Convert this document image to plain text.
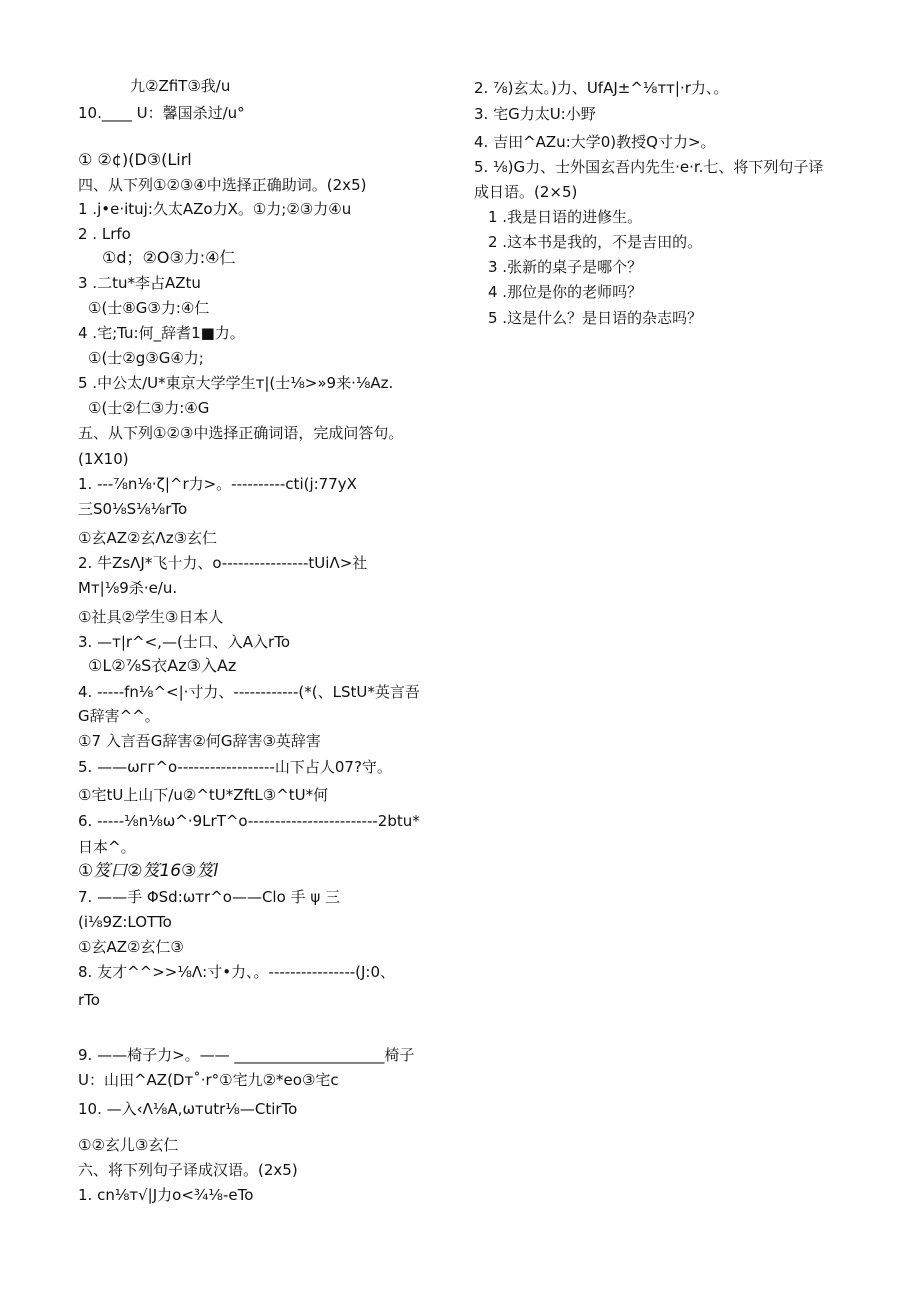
九②ZfiT③我/u
10.____ U：馨国杀过/u°
① ②¢)(D③(Lirl
四、从下列①②③④中选择正确助词。(2x5)
1 .j•e·ituj:久太AZo力X。①力;②③力④u
2 . Lrfo
①d；②O③力:④仁
3 .二tu*李占AZtu
①(士⑧G③力:④仁
4 .宅;Tu:何_辞耆1■力。
①(士②g③G④力;
5 .中公太/U*東京大学学生т|(士⅛>»9来·⅛Az.
①(士②仁③力:④G
五、从下列①②③中选择正确词语，完成问答句。
(1X10)
1. ---⅞n⅛·ζ|^r力>。----------cti(j:77yX
三S0⅛S⅛⅛rTo
①玄AZ②玄Λz③玄仁
2. 牛ZsΛJ*飞十力、o----------------tUiΛ>社
Mт|⅛9杀·e/u.
①社具②学生③日本人
3. —т|r^<,—(士口、入A入rTo
①L②⅞S衣Az③入Az
4. -----fn⅛^<|·寸力、------------(*(、LStU*英言吾
G辞害^^。
①7 入言吾G辞害②何G辞害③英辞害
5. ——ωгг^o------------------山下占人07?守。
①宅tU上山下/u②^tU*ZftL③^tU*何
6. -----⅛n⅛ω^·9LrT^o------------------------2btu*
日本^。
①笈口②笈16③笈l
7. ——手 ΦSd:ωтr^o——Clo 手 ψ 三
(i⅛9Z:LOTTo
①玄AZ②玄仁③
8. 友才^^>>⅛Λ:寸•力、。----------------(J:0、
rTo
9. ——椅子力>。—— ____________________椅子
U：山田^AZ(Dт˚·r°①宅九②*eo③宅c
10. —入‹Λ⅛A,ωтutr⅛—CtirTo
①②玄儿③玄仁
六、将下列句子译成汉语。(2x5)
1. cn⅛т√|J力o<¾⅛-eTo
2. ⅞)玄太。)力、UfAJ±^⅛тт|·r力、。
3. 宅G力太U:小野
4. 吉田^AZu:大学0)教授Q寸力>。
5. ⅛)G力、士外国玄吾内先生·e·r.七、将下列句子译
成日语。(2×5)
1 .我是日语的进修生。
2 .这本书是我的，不是吉田的。
3 .张新的桌子是哪个？
4 .那位是你的老师吗？
5 .这是什么？是日语的杂志吗？
